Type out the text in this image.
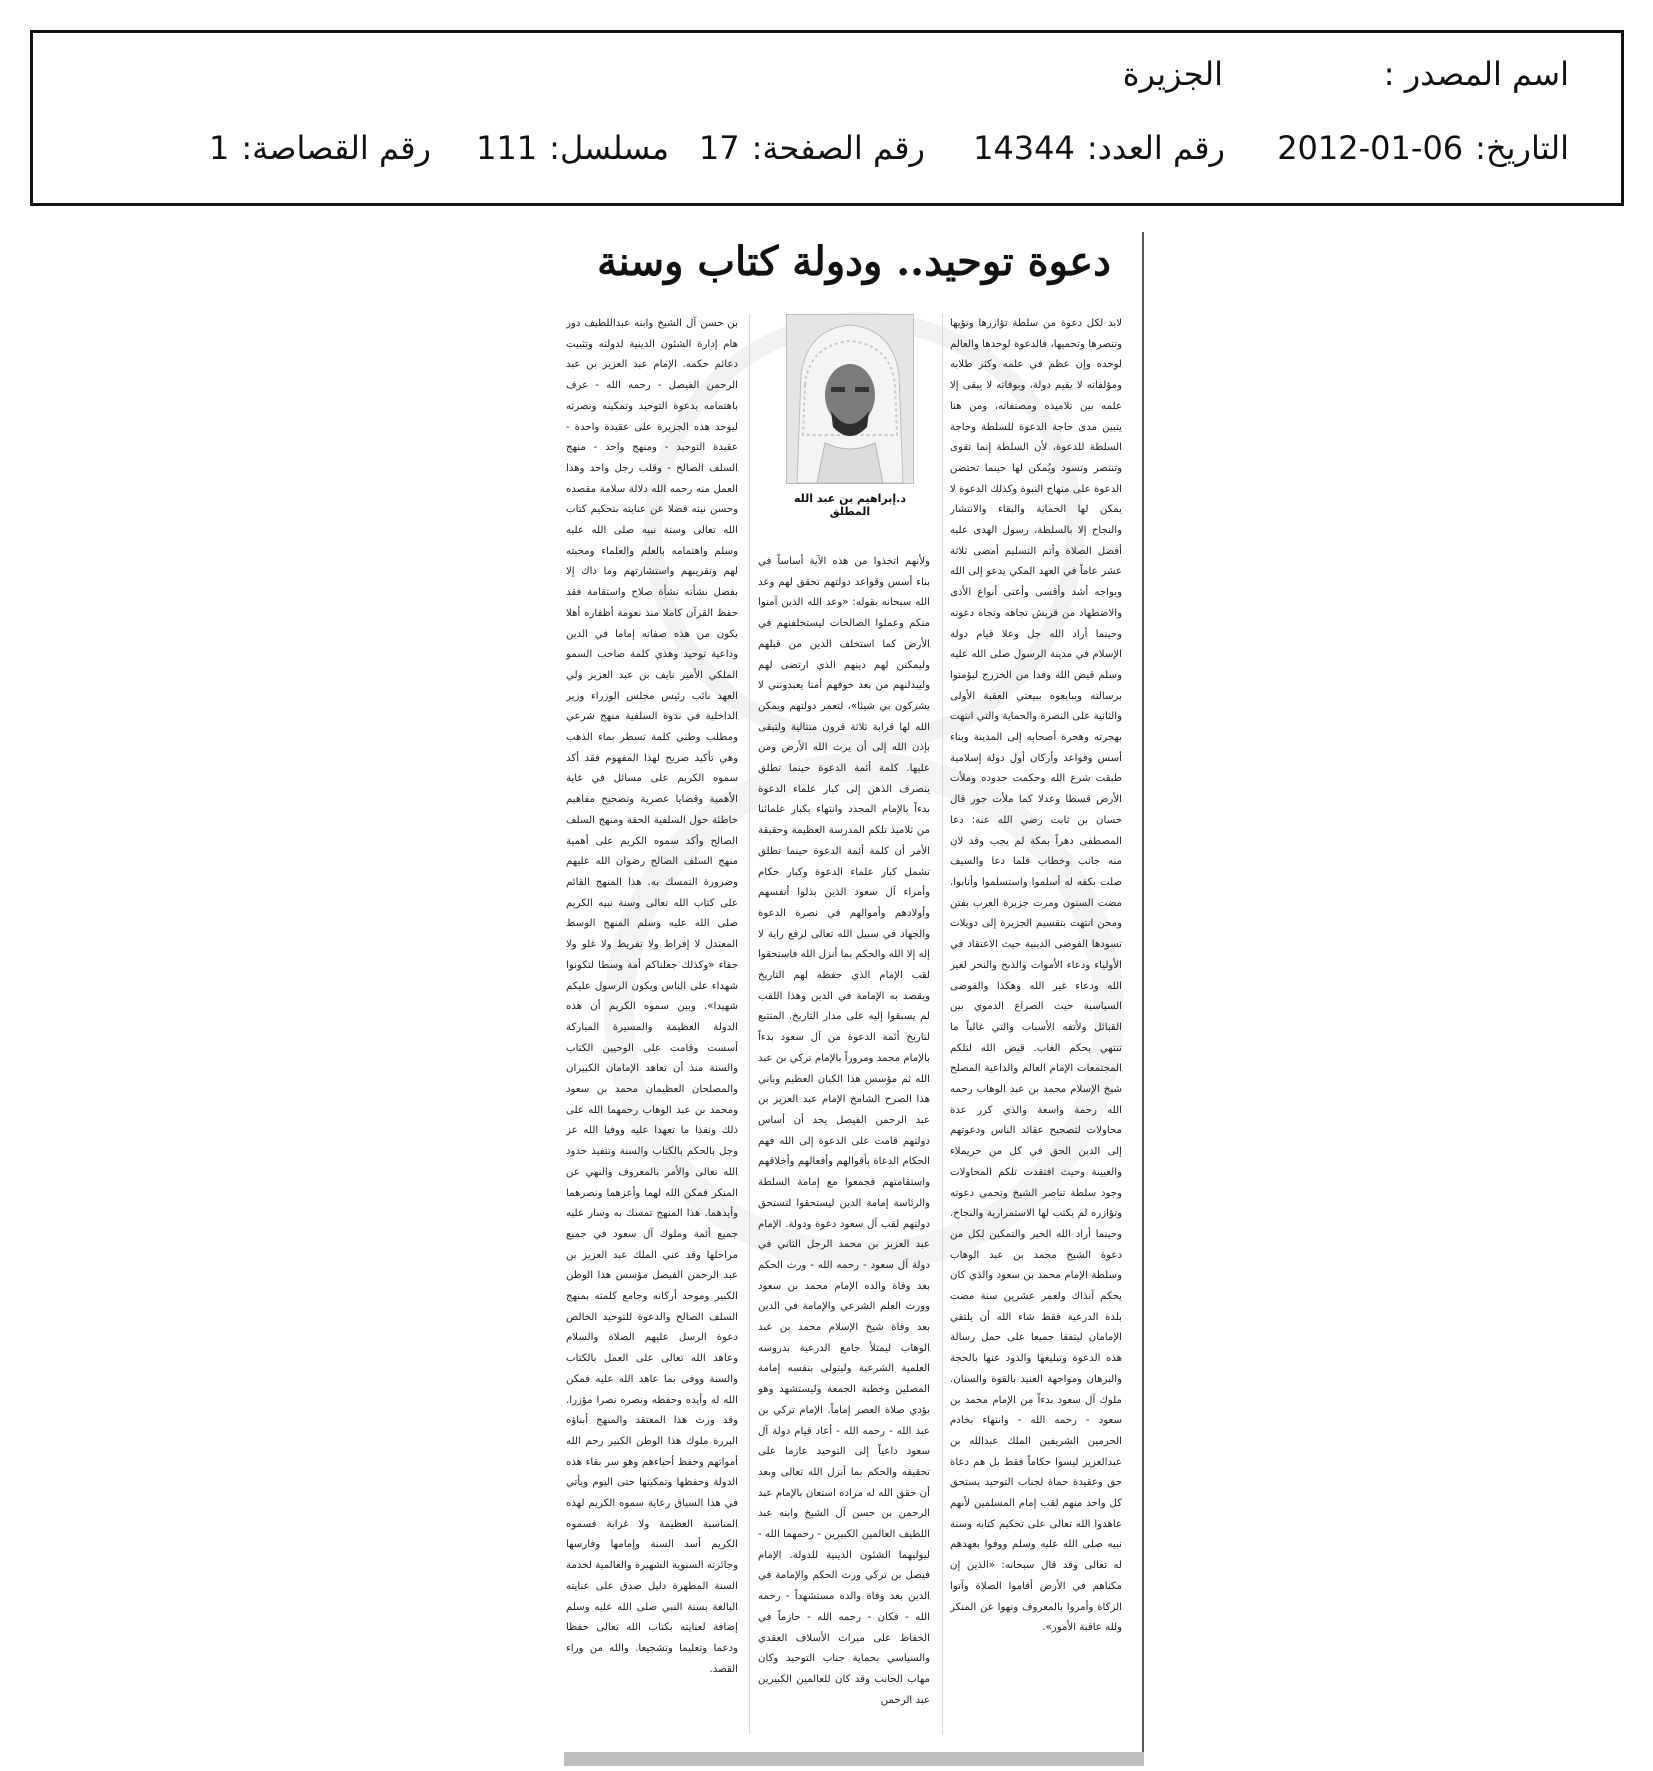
اسم المصدر :
الجزيرة
التاريخ:
2012-01-06
رقم العدد:
14344
رقم الصفحة:
17
مسلسل:
111
رقم القصاصة:
1
دعوة توحيد.. ودولة كتاب وسنة

لابد لكل دعوة من سلطة تؤازرها وتؤيها وتنصرها وتحميها، فالدعوة لوحدها والعالم لوحده وإن عظم في علمه وكثر طلابه ومؤلفاته لا يقيم دولة، وبوفاته لا يبقى إلا علمه بين تلاميذه ومصنفاته، ومن هنا يتبين مدى حاجة الدعوة للسلطة وحاجة السلطة للدعوة، لأن السلطة إنما تقوى وتنتصر وتسود ويُمكن لها حينما تحتضن الدعوة على منهاج النبوة وكذلك الدعوة لا يمكن لها الحماية والبقاء والانتشار والنجاح إلا بالسلطة، رسول الهدى عليه أفضل الصلاة وأتم التسليم أمضى ثلاثة عشر عاماً في العهد المكي يدعو إلى الله ويواجه أشد وأقسى وأعتى أنواع الأذى والاضطهاد من قريش تجاهه وتجاه دعوته وحينما أراد الله جل وعلا قيام دولة الإسلام في مدينة الرسول صلى الله عليه وسلم قيض الله وفدا من الخزرج ليؤمنوا برسالته ويبايعوه ببيعتي العقبة الأولى والثانية على النصرة والحماية والتي انتهت بهجرته وهجرة أصحابه إلى المدينة وبناء أسس وقواعد وأركان أول دولة إسلامية طبقت شرع الله وحكمت حدوده وملأت الأرض قسطا وعدلا كما ملأت جور قال حسان بن ثابت رضي الله عنه: دعا المصطفى دهراً بمكة لم يجب وقد لان منه جانب وخطاب فلما دعا والسيف صلت بكفه له أسلموا واستسلموا وأنابوا. مضت السنون ومرت جزيرة العرب بفتن ومحن انتهت بتقسيم الجزيرة إلى دويلات تسودها الفوضى الدينية حيث الاعتقاد في الأولياء ودعاء الأموات والذبح والنحر لغير الله ودعاء غير الله وهكذا والفوضى السياسية حيث الصراع الدموي بين القبائل ولأتفه الأسباب والتي غالباً ما تنتهي بحكم الغاب. قيض الله لتلكم المجتمعات الإمام العالم والداعية المصلح شيخ الإسلام محمد بن عبد الوهاب رحمه الله رحمة واسعة والذي كرر عدة محاولات لتصحيح عقائد الناس ودعوتهم إلى الدين الحق في كل من حريملاء والعيينة وحيث افتقدت تلكم المحاولات وجود سلطة تناصر الشيخ وتحمي دعوته وتؤازره لم يكتب لها الاستمرارية والنجاح. وحينما أراد الله الخير والتمكين لكل من دعوة الشيخ محمد بن عبد الوهاب وسلطة الإمام محمد بن سعود والذي كان يحكم آنذاك ولعمر عشرين سنة مضت بلدة الدرعية فقط شاء الله أن يلتقي الإمامان ليتفقا جميعا على حمل رسالة هذه الدعوة وتبليغها والذود عنها بالحجة والبرهان ومواجهة العنيد بالقوة والسنان. ملوك آل سعود بدءاً من الإمام محمد بن سعود - رحمه الله - وانتهاء بخادم الحرمين الشريفين الملك عبدالله بن عبدالعزيز ليسوا حكاماً فقط بل هم دعاة حق وعقيدة حماة لجناب التوحيد يستحق كل واحد منهم لقب إمام المسلمين لأنهم عاهدوا الله تعالى على تحكيم كتابه وسنة نبيه صلى الله عليه وسلم ووفوا بعهدهم له تعالى وقد قال سبحانه: «الذين إن مكناهم في الأرض أقاموا الصلاة وآتوا الزكاة وأمروا بالمعروف ونهوا عن المنكر ولله عاقبة الأمور».

د.إبراهيم بن عبد الله المطلق

ولأنهم اتخذوا من هذه الآية أساساً في بناء أسس وقواعد دولتهم تحقق لهم وعد الله سبحانه بقوله: «وعد الله الذين آمنوا منكم وعملوا الصالحات ليستخلفنهم في الأرض كما استخلف الذين من قبلهم وليمكنن لهم دينهم الذي ارتضى لهم وليبدلنهم من بعد خوفهم أمنا يعبدونني لا يشركون بي شيئا»، لتعمر دولتهم ويمكن الله لها قرابة ثلاثة قرون متتالية ولتبقى بإذن الله إلى أن يرث الله الأرض ومن عليها. كلمة أئمة الدعوة حينما تطلق ينصرف الذهن إلى كبار علماء الدعوة بدءاً بالإمام المجدد وانتهاء بكبار علمائنا من تلاميذ تلكم المدرسة العظيمة وحقيقة الأمر أن كلمة أئمة الدعوة حينما تطلق تشمل كبار علماء الدعوة وكبار حكام وأمراء آل سعود الذين بذلوا أنفسهم وأولادهم وأموالهم في نصرة الدعوة والجهاد في سبيل الله تعالى لرفع راية لا إله إلا الله والحكم بما أنزل الله فاستحقوا لقب الإمام الذي حفظه لهم التاريخ ويقصد به الإمامة في الدين وهذا اللقب لم يسبقوا إليه على مدار التاريخ. المتتبع لتاريخ أئمة الدعوة من آل سعود بدءاً بالإمام محمد ومروراً بالإمام تركي بن عبد الله ثم مؤسس هذا الكيان العظيم وباني هذا الصرح الشامخ الإمام عبد العزيز بن عبد الرحمن الفيصل يجد أن أساس دولتهم قامت على الدعوة إلى الله فهم الحكام الدعاة بأقوالهم وأفعالهم وأخلاقهم واستقامتهم فجمعوا مع إمامة السلطة والرئاسة إمامة الدين ليستحقوا لتستحق دولتهم لقب آل سعود دعوة ودولة. الإمام عبد العزيز بن محمد الرجل الثاني في دولة آل سعود - رحمه الله - ورث الحكم بعد وفاة والده الإمام محمد بن سعود وورث العلم الشرعي والإمامة في الدين بعد وفاة شيخ الإسلام محمد بن عبد الوهاب ليمتلأ جامع الدرعية بدروسه العلمية الشرعية وليتولى بنفسه إمامة المصلين وخطبة الجمعة وليستشهد وهو يؤدي صلاة العصر إماماً. الإمام تركي بن عبد الله - رحمه الله - أعاد قيام دولة آل سعود داعياً إلى التوحيد عازما على تحقيقه والحكم بما أنزل الله تعالى وبعد أن حقق الله له مراده استعان بالإمام عبد الرحمن بن حسن آل الشيخ وابنه عبد اللطيف العالمين الكبيرين - رحمهما الله - ليوليهما الشئون الدينية للدولة. الإمام فيصل بن تركي ورث الحكم والإمامة في الدين بعد وفاة والده مستشهداً - رحمه الله - فكان - رحمه الله - حازماً في الحفاظ على ميراث الأسلاف العقدي والسياسي بحماية جناب التوحيد وكان مهاب الجانب وقد كان للعالمين الكبيرين عبد الرحمن

بن حسن آل الشيخ وابنه عبداللطيف دور هام إدارة الشئون الدينية لدولته وتثبيت دعائم حكمه. الإمام عبد العزيز بن عبد الرحمن الفيصل - رحمه الله - عرف باهتمامه بدعوة التوحيد وتمكينه ونصرته ليوحد هذه الجزيرة على عقيدة واحدة - عقيدة التوحيد - ومنهج واحد - منهج السلف الصالح - وقلب رجل واحد وهذا العمل منه رحمه الله دلالة سلامة مقصده وحسن نيته فضلا عن عنايته بتحكيم كتاب الله تعالى وسنة نبيه صلى الله عليه وسلم واهتمامه بالعلم والعلماء ومحبته لهم وتقريبهم واستشارتهم وما ذاك إلا بفضل نشأته نشأة صلاح واستقامة فقد حفظ القرآن كاملا منذ نعومة أظفاره أهلا يكون من هذه صفاته إماما في الدين وداعية توحيد وهذي كلمة صاحب السمو الملكي الأمير نايف بن عبد العزيز ولي العهد نائب رئيس مجلس الوزراء وزير الداخلية في ندوة السلفية منهج شرعي ومطلب وطني كلمة تسطر بماء الذهب وهي تأكيد صريح لهذا المفهوم فقد أكد سموه الكريم على مسائل في غاية الأهمية وقضايا عصرية وتصحيح مفاهيم خاطئة حول السلفية الحقة ومنهج السلف الصالح وأكد سموه الكريم على أهمية منهج السلف الصالح رضوان الله عليهم وضرورة التمسك به. هذا المنهج القائم على كتاب الله تعالى وسنة نبيه الكريم صلى الله عليه وسلم المنهج الوسط المعتدل لا إفراط ولا تفريط ولا غلو ولا جفاء «وكذلك جعلناكم أمة وسطا لتكونوا شهداء على الناس ويكون الرسول عليكم شهيدا». وبين سموه الكريم أن هذه الدولة العظيمة والمسيرة المباركة أسست وقامت على الوحيين الكتاب والسنة منذ أن تعاهد الإمامان الكبيران والمصلحان العظيمان محمد بن سعود ومحمد بن عبد الوهاب رحمهما الله على ذلك ونفذا ما تعهدا عليه ووفيا الله عز وجل بالحكم بالكتاب والسنة وتنفيذ حدود الله تعالى والأمر بالمعروف والنهي عن المنكر فمكن الله لهما وأعزهما ونصرهما وأيدهما. هذا المنهج تمسك به وسار عليه جميع أئمة وملوك آل سعود في جميع مراحلها وقد عني الملك عبد العزيز بن عبد الرحمن الفيصل مؤسس هذا الوطن الكبير وموحد أركانه وجامع كلمته بمنهج السلف الصالح والدعوة للتوحيد الخالص دعوة الرسل عليهم الصلاة والسلام وعاهد الله تعالى على العمل بالكتاب والسنة ووفى بما عاهد الله عليه فمكن الله له وأيده وحفظه ونصره نصرا مؤزرا. وقد ورث هذا المعتقد والمنهج أبناؤه البررة ملوك هذا الوطن الكبير رحم الله أمواتهم وحفظ أحياءهم وهو سر بقاء هذه الدولة وحفظها وتمكينها حتى اليوم ويأتي في هذا السياق رعاية سموه الكريم لهذه المناسبة العظيمة ولا غرابة فسموه الكريم أسد السنة وإمامها وفارسها وجائزته السنوية الشهيرة والعالمية لخدمة السنة المطهرة دليل صدق على عنايته البالغة بسنة النبي صلى الله عليه وسلم إضافة لعنايته بكتاب الله تعالى حفظا ودعما وتعليما وتشجيعا. والله من وراء القصد.
